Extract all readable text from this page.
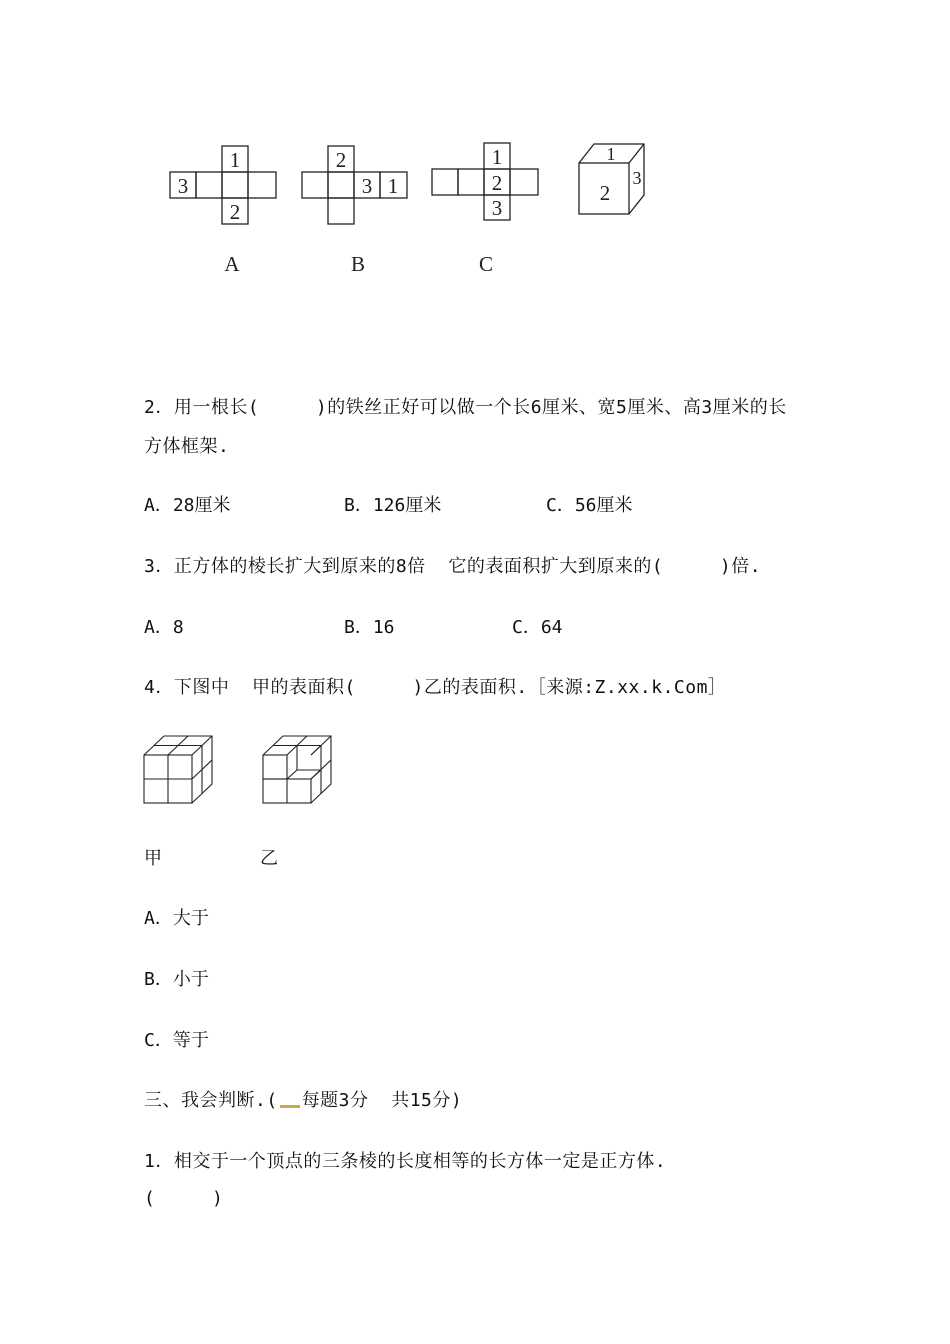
1
3
2
2
3 1
1
2
3
1
2
3
A	B	C
2．用一根长(     )的铁丝正好可以做一个长6厘米、宽5厘米、高3厘米的长
方体框架.
A．28厘米	B．126厘米	C．56厘米
3．正方体的棱长扩大到原来的8倍  它的表面积扩大到原来的(     )倍.
A．8	B．16	C．64
4．下图中  甲的表面积(     )乙的表面积.［来源:Z.xx.k.Com］
甲	乙
A．大于
B．小于
C．等于
三、我会判断.( 每题3分  共15分)
1．相交于一个顶点的三条棱的长度相等的长方体一定是正方体.
(     )
